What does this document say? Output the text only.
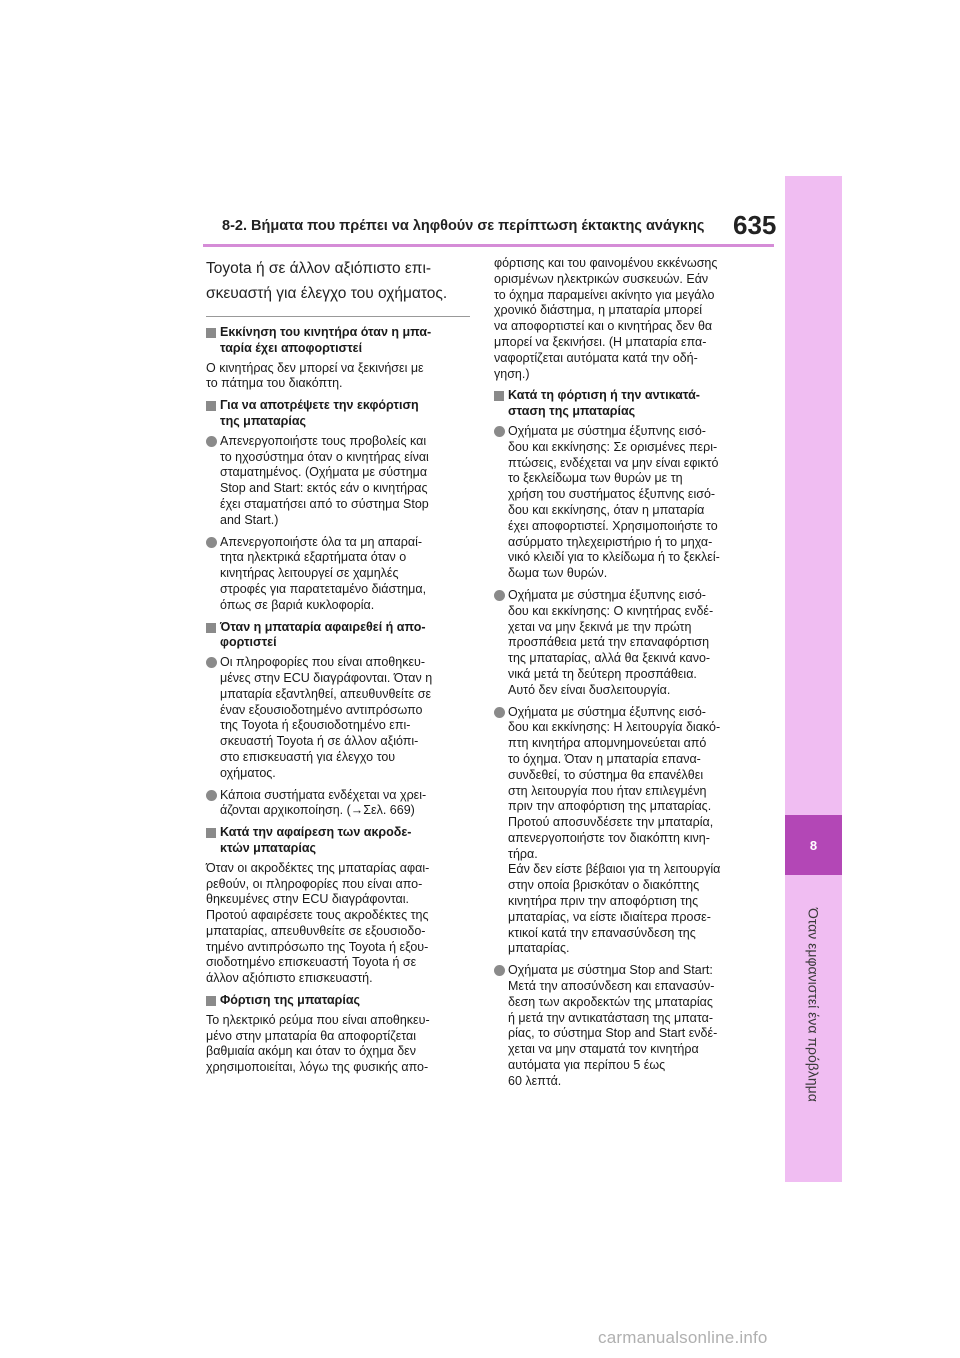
8-2. Βήματα που πρέπει να ληφθούν σε περίπτωση έκτακτης ανάγκης 635
8
Όταν εμφανιστεί ένα πρόβλημα

Toyota ή σε άλλον αξιόπιστο επι-

σκευαστή για έλεγχο του οχήματος.

Εκκίνηση του κινητήρα όταν η μπα-

ταρία έχει αποφορτιστεί

Ο κινητήρας δεν μπορεί να ξεκινήσει με

το πάτημα του διακόπτη.

Για να αποτρέψετε την εκφόρτιση

της μπαταρίας

Απενεργοποιήστε τους προβολείς και

το ηχοσύστημα όταν ο κινητήρας είναι

σταματημένος. (Οχήματα με σύστημα

Stop and Start: εκτός εάν ο κινητήρας

έχει σταματήσει από το σύστημα Stop

and Start.)

Απενεργοποιήστε όλα τα μη απαραί-

τητα ηλεκτρικά εξαρτήματα όταν ο

κινητήρας λειτουργεί σε χαμηλές

στροφές για παρατεταμένο διάστημα,

όπως σε βαριά κυκλοφορία.

Όταν η μπαταρία αφαιρεθεί ή απο-

φορτιστεί

Οι πληροφορίες που είναι αποθηκευ-

μένες στην ECU διαγράφονται. Όταν η

μπαταρία εξαντληθεί, απευθυνθείτε σε

έναν εξουσιοδοτημένο αντιπρόσωπο

της Toyota ή εξουσιοδοτημένο επι-

σκευαστή Toyota ή σε άλλον αξιόπι-

στο επισκευαστή για έλεγχο του

οχήματος.

Κάποια συστήματα ενδέχεται να χρει-

άζονται αρχικοποίηση. (→Σελ. 669)

Κατά την αφαίρεση των ακροδε-

κτών μπαταρίας

Όταν οι ακροδέκτες της μπαταρίας αφαι-

ρεθούν, οι πληροφορίες που είναι απο-

θηκευμένες στην ECU διαγράφονται.

Προτού αφαιρέσετε τους ακροδέκτες της

μπαταρίας, απευθυνθείτε σε εξουσιοδο-

τημένο αντιπρόσωπο της Toyota ή εξου-

σιοδοτημένο επισκευαστή Toyota ή σε

άλλον αξιόπιστο επισκευαστή.

Φόρτιση της μπαταρίας

Το ηλεκτρικό ρεύμα που είναι αποθηκευ-

μένο στην μπαταρία θα αποφορτίζεται

βαθμιαία ακόμη και όταν το όχημα δεν

χρησιμοποιείται, λόγω της φυσικής απο-

φόρτισης και του φαινομένου εκκένωσης

ορισμένων ηλεκτρικών συσκευών. Εάν

το όχημα παραμείνει ακίνητο για μεγάλο

χρονικό διάστημα, η μπαταρία μπορεί

να αποφορτιστεί και ο κινητήρας δεν θα

μπορεί να ξεκινήσει. (Η μπαταρία επα-

ναφορτίζεται αυτόματα κατά την οδή-

γηση.)

Κατά τη φόρτιση ή την αντικατά-

σταση της μπαταρίας

Οχήματα με σύστημα έξυπνης εισό-

δου και εκκίνησης: Σε ορισμένες περι-

πτώσεις, ενδέχεται να μην είναι εφικτό

το ξεκλείδωμα των θυρών με τη

χρήση του συστήματος έξυπνης εισό-

δου και εκκίνησης, όταν η μπαταρία

έχει αποφορτιστεί. Χρησιμοποιήστε το

ασύρματο τηλεχειριστήριο ή το μηχα-

νικό κλειδί για το κλείδωμα ή το ξεκλεί-

δωμα των θυρών.

Οχήματα με σύστημα έξυπνης εισό-

δου και εκκίνησης: Ο κινητήρας ενδέ-

χεται να μην ξεκινά με την πρώτη

προσπάθεια μετά την επαναφόρτιση

της μπαταρίας, αλλά θα ξεκινά κανο-

νικά μετά τη δεύτερη προσπάθεια.

Αυτό δεν είναι δυσλειτουργία.

Οχήματα με σύστημα έξυπνης εισό-

δου και εκκίνησης: Η λειτουργία διακό-

πτη κινητήρα απομνημονεύεται από

το όχημα. Όταν η μπαταρία επανα-

συνδεθεί, το σύστημα θα επανέλθει

στη λειτουργία που ήταν επιλεγμένη

πριν την αποφόρτιση της μπαταρίας.

Προτού αποσυνδέσετε την μπαταρία,

απενεργοποιήστε τον διακόπτη κινη-

τήρα.

Εάν δεν είστε βέβαιοι για τη λειτουργία

στην οποία βρισκόταν ο διακόπτης

κινητήρα πριν την αποφόρτιση της

μπαταρίας, να είστε ιδιαίτερα προσε-

κτικοί κατά την επανασύνδεση της

μπαταρίας.

Οχήματα με σύστημα Stop and Start:

Μετά την αποσύνδεση και επανασύν-

δεση των ακροδεκτών της μπαταρίας

ή μετά την αντικατάσταση της μπατα-

ρίας, το σύστημα Stop and Start ενδέ-

χεται να μην σταματά τον κινητήρα

αυτόματα για περίπου 5 έως

60 λεπτά.

carmanualsonline.info
